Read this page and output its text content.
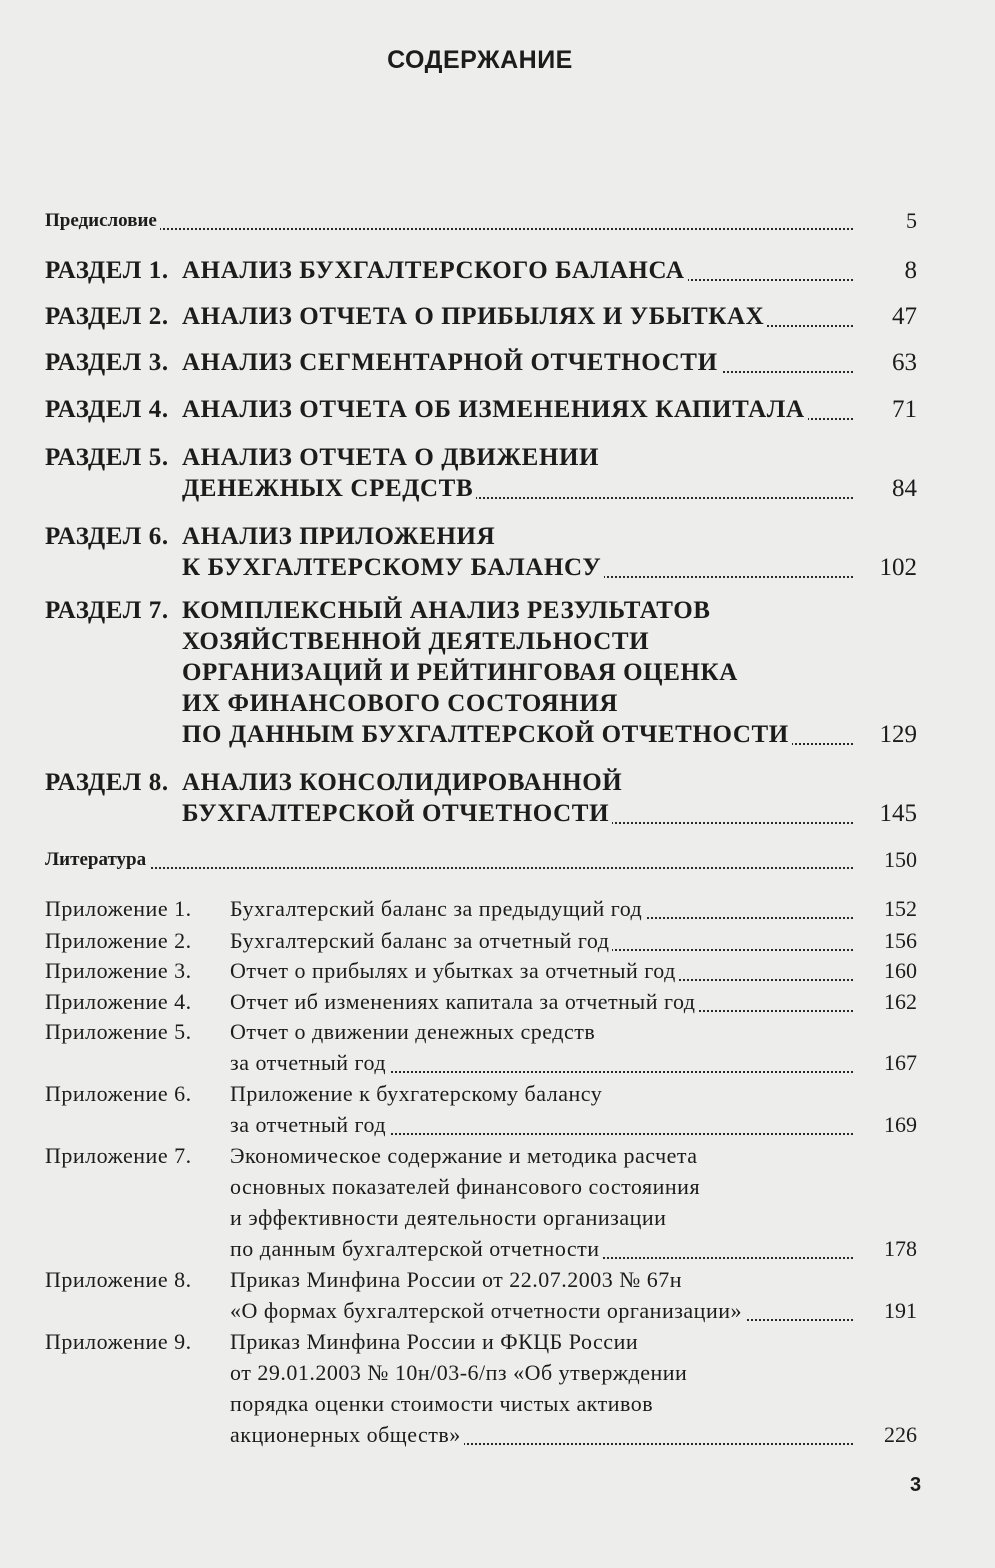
СОДЕРЖАНИЕ
Предисловие	5
РАЗДЕЛ 1. АНАЛИЗ БУХГАЛТЕРСКОГО БАЛАНСА	8
РАЗДЕЛ 2. АНАЛИЗ ОТЧЕТА О ПРИБЫЛЯХ И УБЫТКАХ	47
РАЗДЕЛ 3. АНАЛИЗ СЕГМЕНТАРНОЙ ОТЧЕТНОСТИ	63
РАЗДЕЛ 4. АНАЛИЗ ОТЧЕТА ОБ ИЗМЕНЕНИЯХ КАПИТАЛА	71
РАЗДЕЛ 5. АНАЛИЗ ОТЧЕТА О ДВИЖЕНИИ
ДЕНЕЖНЫХ СРЕДСТВ	84
РАЗДЕЛ 6. АНАЛИЗ ПРИЛОЖЕНИЯ
К БУХГАЛТЕРСКОМУ БАЛАНСУ	102
РАЗДЕЛ 7. КОМПЛЕКСНЫЙ АНАЛИЗ РЕЗУЛЬТАТОВ
ХОЗЯЙСТВЕННОЙ ДЕЯТЕЛЬНОСТИ
ОРГАНИЗАЦИЙ И РЕЙТИНГОВАЯ ОЦЕНКА
ИХ ФИНАНСОВОГО СОСТОЯНИЯ
ПО ДАННЫМ БУХГАЛТЕРСКОЙ ОТЧЕТНОСТИ	129
РАЗДЕЛ 8. АНАЛИЗ КОНСОЛИДИРОВАННОЙ
БУХГАЛТЕРСКОЙ ОТЧЕТНОСТИ	145
Литература	150
Приложение 1. Бухгалтерский баланс за предыдущий год	152
Приложение 2. Бухгалтерский баланс за отчетный год	156
Приложение 3. Отчет о прибылях и убытках за отчетный год	160
Приложение 4. Отчет иб изменениях капитала за отчетный год	162
Приложение 5. Отчет о движении денежных средств
за отчетный год	167
Приложение 6. Приложение к бухгатерскому балансу
за отчетный год	169
Приложение 7. Экономическое содержание и методика расчета
основных показателей финансового состояиния
и эффективности деятельности организации
по данным бухгалтерской отчетности	178
Приложение 8. Приказ Минфина России от 22.07.2003 № 67н
«О формах бухгалтерской отчетности организации»	191
Приложение 9. Приказ Минфина России и ФКЦБ России
от 29.01.2003 № 10н/03-6/пз «Об утверждении
порядка оценки стоимости чистых активов
акционерных обществ»	226
3
